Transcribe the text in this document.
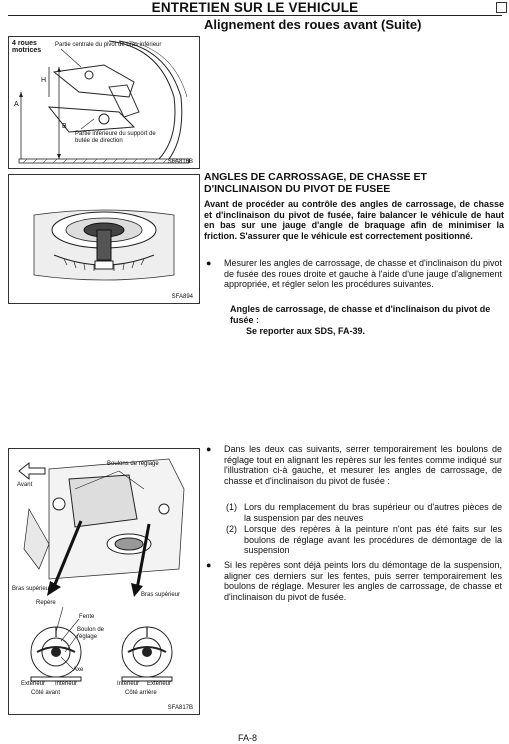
ENTRETIEN SUR LE VEHICULE
Alignement des roues avant (Suite)
4 roues motrices
Partie centrale du pivot de bras inférieur
H
A
B
Partie inférieure du support de butée de direction
SFA816B
SFA894
Avant
Boulons de réglage
Bras supérieur
Bras supérieur
Repère
Fente
Boulon de réglage
Axe
Extérieur Intérieur	Intérieur Extérieur
Côté avant	Côté arrière
SFA817B
ANGLES DE CARROSSAGE, DE CHASSE ET D'INCLINAISON DU PIVOT DE FUSEE
Avant de procéder au contrôle des angles de carrossage, de chasse et d'inclinaison du pivot de fusée, faire balancer le véhicule de haut en bas sur une jauge d'angle de braquage afin de minimiser la friction. S'assurer que le véhicule est correctement positionné.
● Mesurer les angles de carrossage, de chasse et d'inclinaison du pivot de fusée des roues droite et gauche à l'aide d'une jauge d'alignement appropriée, et régler selon les procédures suivantes.
Angles de carrossage, de chasse et d'inclinaison du pivot de fusée :
Se reporter aux SDS, FA-39.
● Dans les deux cas suivants, serrer temporairement les boulons de réglage tout en alignant les repères sur les fentes comme indiqué sur l'illustration ci-à gauche, et mesurer les angles de carrossage, de chasse et d'inclinaison du pivot de fusée :
(1) Lors du remplacement du bras supérieur ou d'autres pièces de la suspension par des neuves
(2) Lorsque des repères à la peinture n'ont pas été faits sur les boulons de réglage avant les procédures de démontage de la suspension
● Si les repères sont déjà peints lors du démontage de la suspension, aligner ces derniers sur les fentes, puis serrer temporairement les boulons de réglage. Mesurer les angles de carrossage, de chasse et d'inclinaison du pivot de fusée.
FA-8
